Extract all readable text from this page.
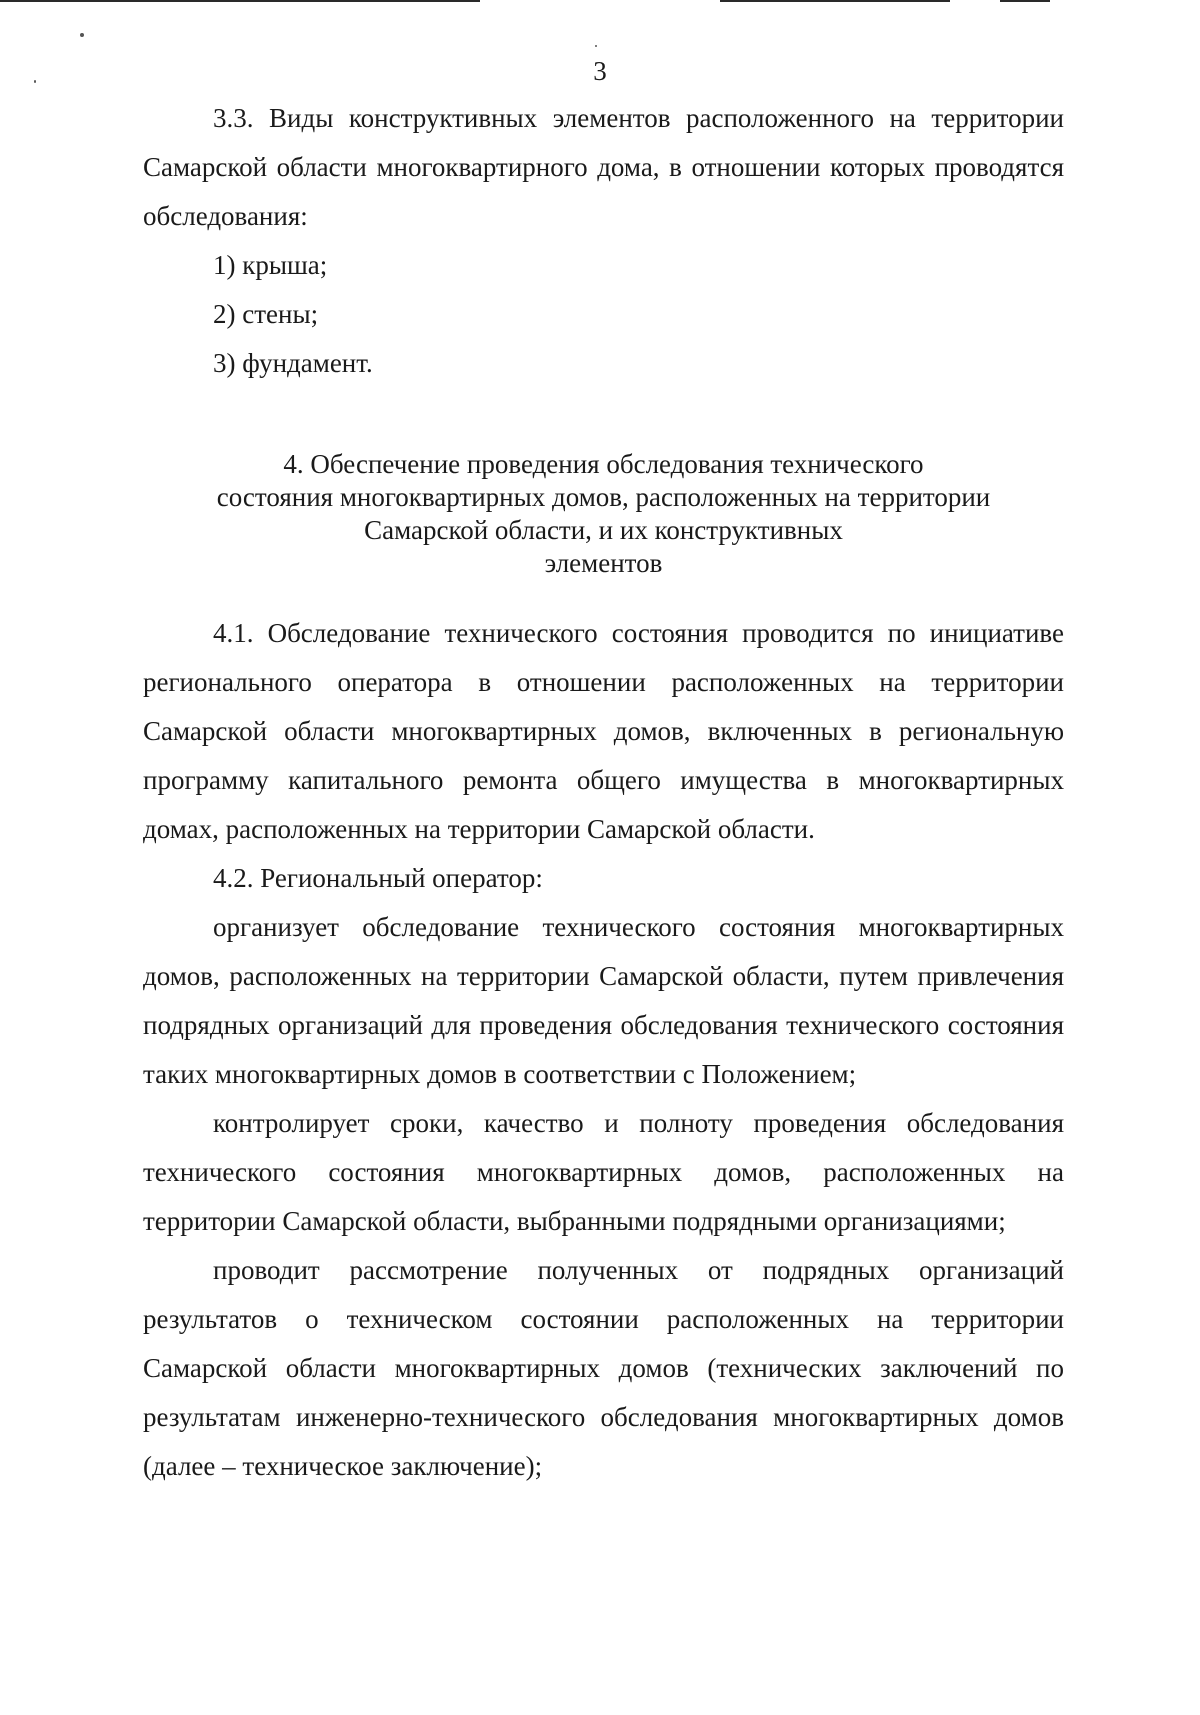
3

3.3. Виды конструктивных элементов расположенного на территории Самарской области многоквартирного дома, в отношении которых проводятся обследования:

1) крыша;

2) стены;

3) фундамент.

4. Обеспечение проведения обследования технического
состояния многоквартирных домов, расположенных на территории
Самарской области, и их конструктивных
элементов

4.1. Обследование технического состояния проводится по инициативе регионального оператора в отношении расположенных на территории Самарской области многоквартирных домов, включенных в региональную программу капитального ремонта общего имущества в многоквартирных домах, расположенных на территории Самарской области.

4.2. Региональный оператор:

организует обследование технического состояния многоквартирных домов, расположенных на территории Самарской области, путем привлечения подрядных организаций для проведения обследования технического состояния таких многоквартирных домов в соответствии с Положением;

контролирует сроки, качество и полноту проведения обследования технического состояния многоквартирных домов, расположенных на территории Самарской области, выбранными подрядными организациями;

проводит рассмотрение полученных от подрядных организаций результатов о техническом состоянии расположенных на территории Самарской области многоквартирных домов (технических заключений по результатам инженерно-технического обследования многоквартирных домов (далее – техническое заключение);
